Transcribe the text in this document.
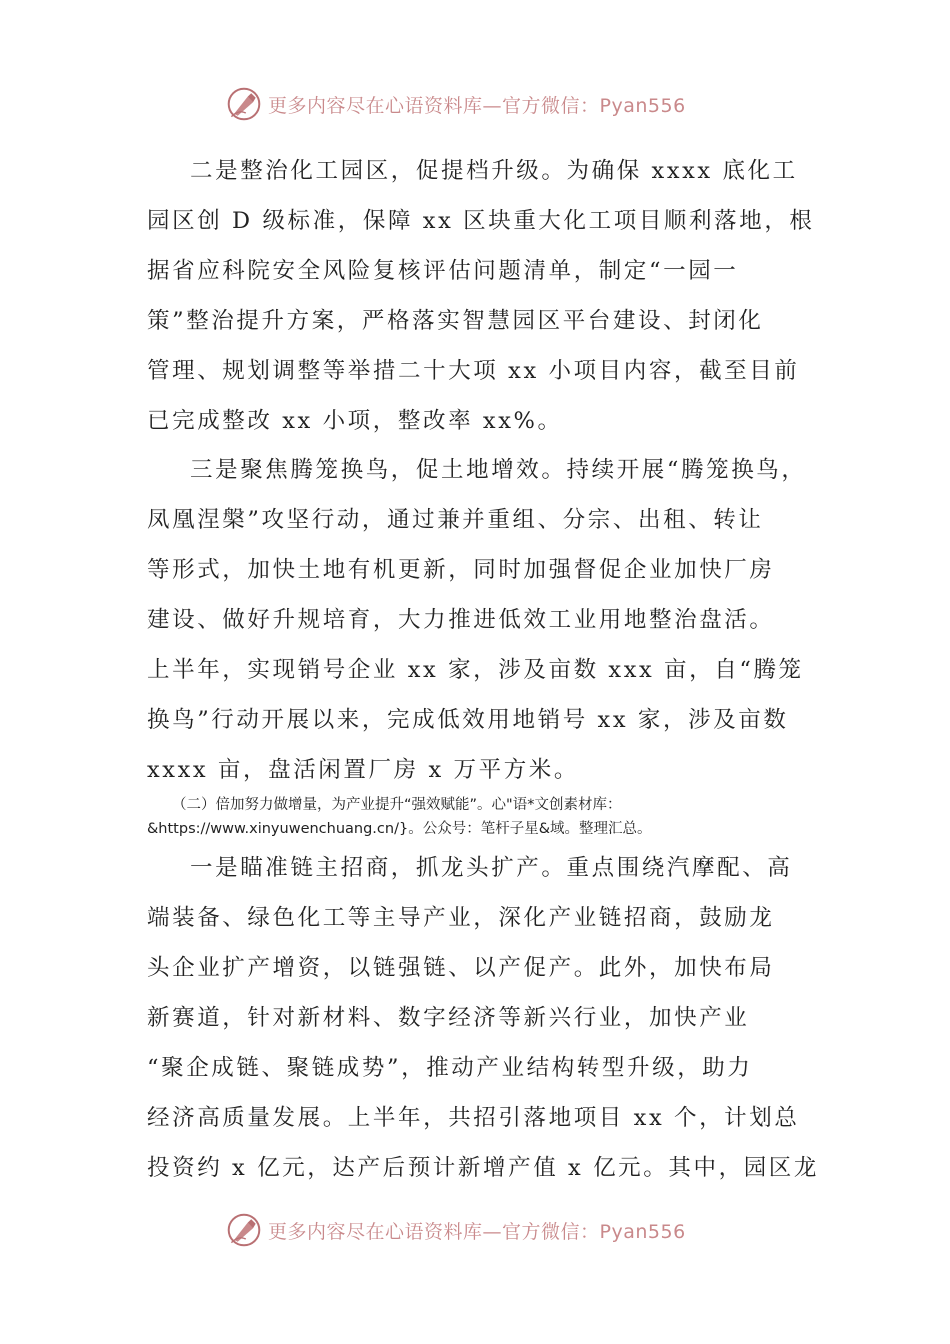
更多内容尽在心语资料库—官方微信：Pyan556
二是整治化工园区，促提档升级。为确保 xxxx 底化工
园区创 D 级标准，保障 xx 区块重大化工项目顺利落地，根
据省应科院安全风险复核评估问题清单，制定“一园一
策”整治提升方案，严格落实智慧园区平台建设、封闭化
管理、规划调整等举措二十大项 xx 小项目内容，截至目前
已完成整改 xx 小项，整改率 xx%。
三是聚焦腾笼换鸟，促土地增效。持续开展“腾笼换鸟，
凤凰涅槃”攻坚行动，通过兼并重组、分宗、出租、转让
等形式，加快土地有机更新，同时加强督促企业加快厂房
建设、做好升规培育，大力推进低效工业用地整治盘活。
上半年，实现销号企业 xx 家，涉及亩数 xxx 亩，自“腾笼
换鸟”行动开展以来，完成低效用地销号 xx 家，涉及亩数
xxxx 亩，盘活闲置厂房 x 万平方米。
（二）倍加努力做增量，为产业提升“强效赋能”。心"语*文创素材库：
&https://www.xinyuwenchuang.cn/}。公众号：笔杆子星&域。整理汇总。
一是瞄准链主招商，抓龙头扩产。重点围绕汽摩配、高
端装备、绿色化工等主导产业，深化产业链招商，鼓励龙
头企业扩产增资，以链强链、以产促产。此外，加快布局
新赛道，针对新材料、数字经济等新兴行业，加快产业
“聚企成链、聚链成势”，推动产业结构转型升级，助力
经济高质量发展。上半年，共招引落地项目 xx 个，计划总
投资约 x 亿元，达产后预计新增产值 x 亿元。其中，园区龙
更多内容尽在心语资料库—官方微信：Pyan556
